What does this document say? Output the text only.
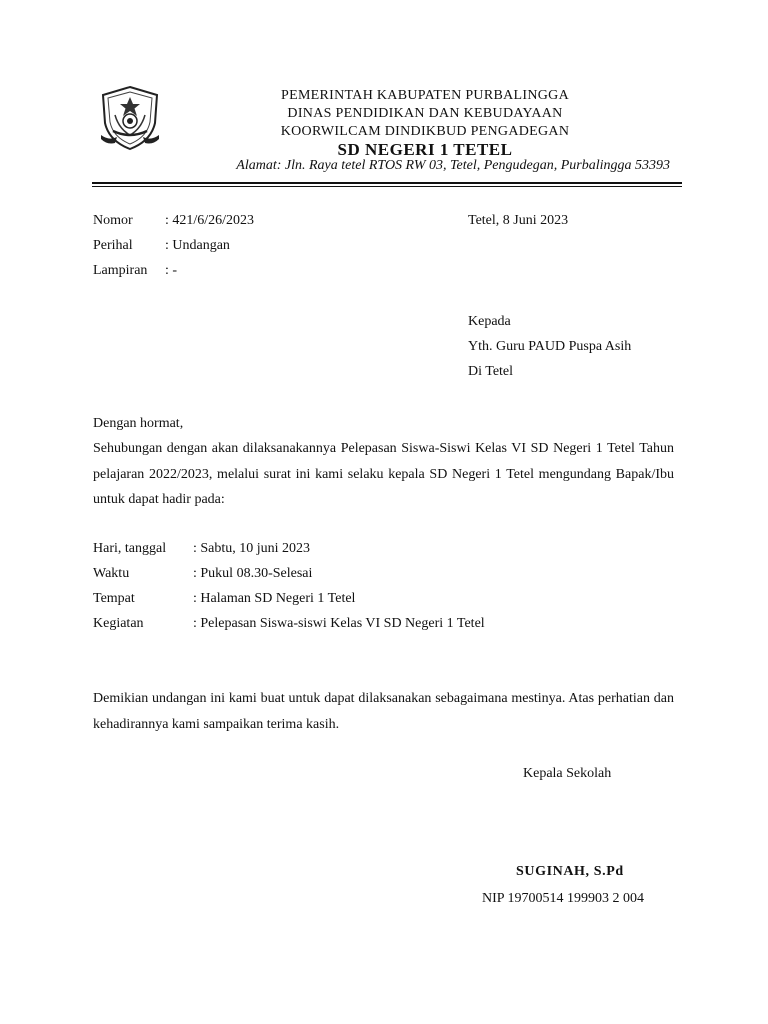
PEMERINTAH KABUPATEN PURBALINGGA
DINAS PENDIDIKAN DAN KEBUDAYAAN
KOORWILCAM DINDIKBUD PENGADEGAN
SD NEGERI 1 TETEL
Alamat: Jln. Raya tetel RTOS RW 03, Tetel, Pengudegan, Purbalingga 53393
Nomor : 421/6/26/2023	Tetel, 8 Juni 2023
Perihal : Undangan
Lampiran : -
Kepada
Yth. Guru PAUD Puspa Asih
Di Tetel
Dengan hormat,
Sehubungan dengan akan dilaksanakannya Pelepasan Siswa-Siswi Kelas VI SD Negeri 1 Tetel Tahun pelajaran 2022/2023, melalui surat ini kami selaku kepala SD Negeri 1 Tetel mengundang Bapak/Ibu untuk dapat hadir pada:
Hari, tanggal : Sabtu, 10 juni 2023
Waktu	: Pukul 08.30-Selesai
Tempat	: Halaman SD Negeri 1 Tetel
Kegiatan	: Pelepasan Siswa-siswi Kelas VI SD Negeri 1 Tetel
Demikian undangan ini kami buat untuk dapat dilaksanakan sebagaimana mestinya. Atas perhatian dan kehadirannya kami sampaikan terima kasih.
Kepala Sekolah
SUGINAH, S.Pd
NIP 19700514 199903 2 004
